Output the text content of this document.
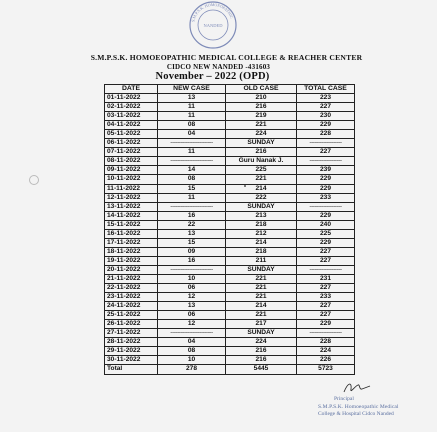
S.M.P.S.K. HOMOEOPATHIC
NANDED
S.M.P.S.K. HOMOEOPATHIC MEDICAL COLLEGE & REACHER CENTER
CIDCO NEW NANDED -431603
November – 2022 (OPD)
DATE	NEW CASE	OLD CASE	TOTAL CASE
01-11-2022	13	210	223
02-11-2022	11	216	227
03-11-2022	11	219	230
04-11-2022	08	221	229
05-11-2022	04	224	228
06-11-2022	-------------------------	SUNDAY	-------------------
07-11-2022	11	216	227
08-11-2022	-------------------------	Guru Nanak J.	-------------------
09-11-2022	14	225	239
10-11-2022	08	221	229
11-11-2022	15	214	229
12-11-2022	11	222	233
13-11-2022	-------------------------	SUNDAY	-------------------
14-11-2022	16	213	229
15-11-2022	22	218	240
16-11-2022	13	212	225
17-11-2022	15	214	229
18-11-2022	09	218	227
19-11-2022	16	211	227
20-11-2022	-------------------------	SUNDAY	-------------------
21-11-2022	10	221	231
22-11-2022	06	221	227
23-11-2022	12	221	233
24-11-2022	13	214	227
25-11-2022	06	221	227
26-11-2022	12	217	229
27-11-2022	-------------------------	SUNDAY	-------------------
28-11-2022	04	224	228
29-11-2022	08	216	224
30-11-2022	10	216	226
Total	278	5445	5723
Principal
S.M.P.S.K. Homoeopathic Medical
College & Hospital Cidco Nanded
